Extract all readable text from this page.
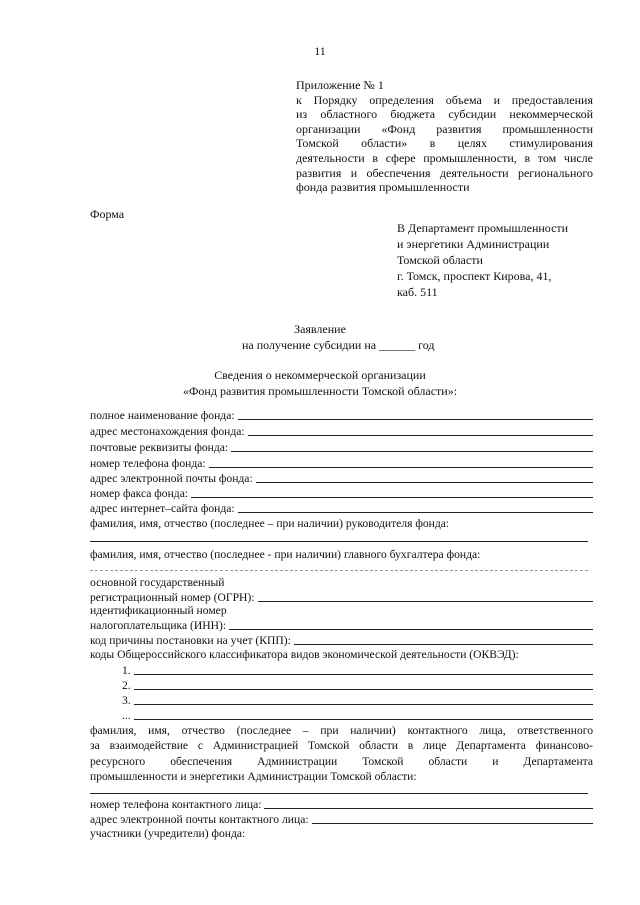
11
Приложение № 1
к Порядку определения объема и предоставления
из областного бюджета субсидии некоммерческой
организации «Фонд развития промышленности
Томской области» в целях стимулирования
деятельности в сфере промышленности, в том числе
развития и обеспечения деятельности регионального
фонда развития промышленности
Форма
В Департамент промышленности
и энергетики Администрации
Томской области
г. Томск, проспект Кирова, 41,
каб. 511
Заявление
на получение субсидии на ______ год
Сведения о некоммерческой организации
«Фонд развития промышленности Томской области»:
полное наименование фонда:
адрес местонахождения фонда:
почтовые реквизиты фонда:
номер телефона фонда:
адрес электронной почты фонда:
номер факса фонда:
адрес интернет–сайта фонда:
фамилия, имя, отчество (последнее – при наличии) руководителя фонда:
фамилия, имя, отчество (последнее - при наличии) главного бухгалтера фонда:
основной государственный
регистрационный номер (ОГРН):
идентификационный номер
налогоплательщика (ИНН):
код причины постановки на учет (КПП):
коды Общероссийского классификатора видов экономической деятельности (ОКВЭД):
1.
2.
3.
...
фамилия, имя, отчество (последнее – при наличии) контактного лица, ответственного
за взаимодействие с Администрацией Томской области в лице Департамента финансово-
ресурсного обеспечения Администрации Томской области и Департамента
промышленности и энергетики Администрации Томской области:
номер телефона контактного лица:
адрес электронной почты контактного лица:
участники (учредители) фонда:
